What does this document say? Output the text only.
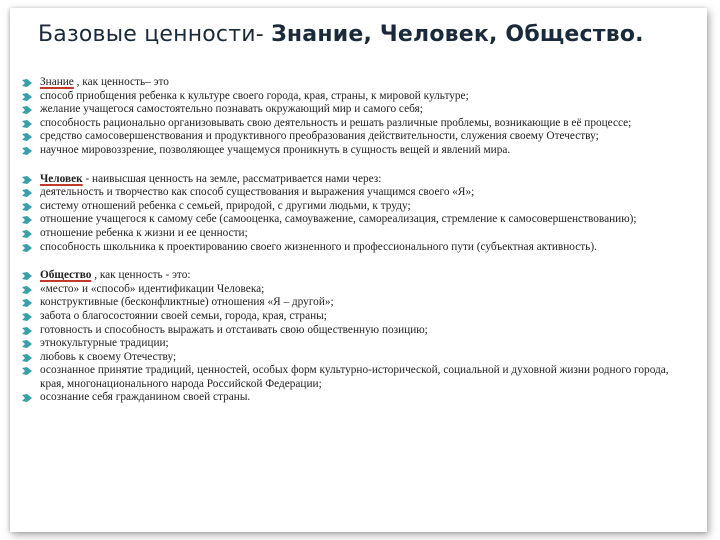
Базовые ценности- Знание, Человек, Общество.
Знание , как ценность– это
способ приобщения ребенка к культуре своего города, края, страны, к мировой культуре;
желание учащегося самостоятельно познавать окружающий мир и самого себя;
способность рационально организовывать свою деятельность и решать различные проблемы, возникающие в её процессе;
средство самосовершенствования и продуктивного преобразования действительности, служения своему Отечеству;
научное мировоззрение, позволяющее учащемуся проникнуть в сущность вещей и явлений мира.
Человек - наивысшая ценность на земле, рассматривается нами через:
деятельность и творчество как способ существования и выражения учащимся своего «Я»;
систему отношений ребенка с семьей, природой, с другими людьми, к труду;
отношение учащегося к самому себе (самооценка, самоуважение, самореализация, стремление к самосовершенствованию);
отношение ребенка к жизни и ее ценности;
способность школьника к проектированию своего жизненного и профессионального пути (субъектная активность).
Общество , как ценность - это:
«место» и «способ» идентификации Человека;
конструктивные (бесконфликтные) отношения «Я – другой»;
забота о благосостоянии своей семьи, города, края, страны;
готовность и способность выражать и отстаивать свою общественную позицию;
этнокультурные традиции;
любовь к своему Отечеству;
осознанное принятие традиций, ценностей, особых форм культурно-исторической, социальной и духовной жизни родного города, края, многонационального народа Российской Федерации;
осознание себя гражданином своей страны.
